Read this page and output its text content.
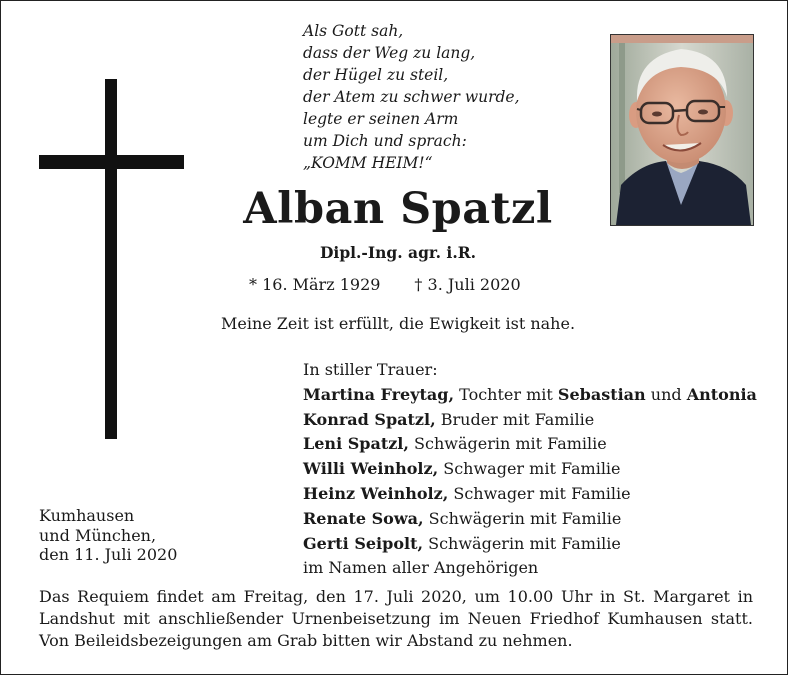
Als Gott sah,
dass der Weg zu lang,
der Hügel zu steil,
der Atem zu schwer wurde,
legte er seinen Arm
um Dich und sprach:
„KOMM HEIM!“
Alban Spatzl
Dipl.-Ing. agr. i.R.
* 16. März 1929 † 3. Juli 2020
Meine Zeit ist erfüllt, die Ewigkeit ist nahe.
In stiller Trauer:
Martina Freytag, Tochter mit Sebastian und Antonia
Konrad Spatzl, Bruder mit Familie
Leni Spatzl, Schwägerin mit Familie
Willi Weinholz, Schwager mit Familie
Heinz Weinholz, Schwager mit Familie
Renate Sowa, Schwägerin mit Familie
Gerti Seipolt, Schwägerin mit Familie
im Namen aller Angehörigen
Kumhausen
und München,
den 11. Juli 2020
Das Requiem findet am Freitag, den 17. Juli 2020, um 10.00 Uhr in St. Margaret in
Landshut mit anschließender Urnenbeisetzung im Neuen Friedhof Kumhausen statt.
Von Beileidsbezeigungen am Grab bitten wir Abstand zu nehmen.
